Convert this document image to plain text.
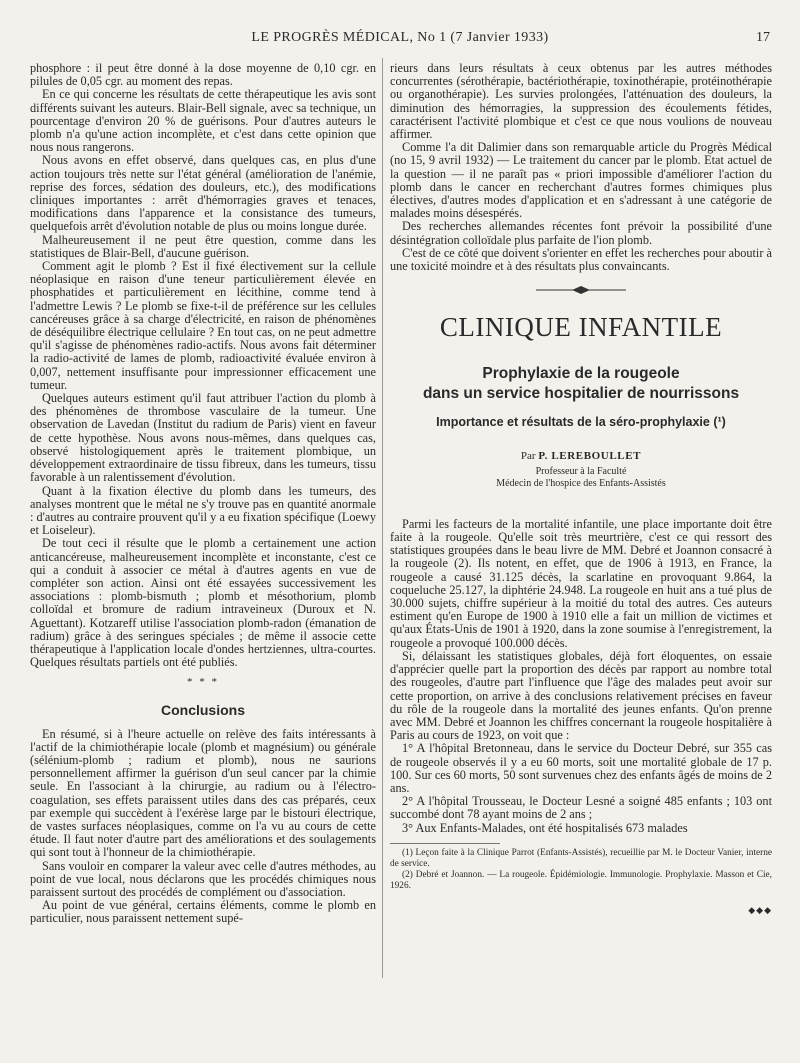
LE PROGRÈS MÉDICAL, No 1 (7 Janvier 1933)	17

phosphore : il peut être donné à la dose moyenne de 0,10 cgr. en pilules de 0,05 cgr. au moment des repas.

En ce qui concerne les résultats de cette thérapeutique les avis sont différents suivant les auteurs. Blair-Bell signale, avec sa technique, un pourcentage d'environ 20 % de guérisons. Pour d'autres auteurs le plomb n'a qu'une action incomplète, et c'est dans cette opinion que nous nous rangerons.

Nous avons en effet observé, dans quelques cas, en plus d'une action toujours très nette sur l'état général (amélioration de l'anémie, reprise des forces, sédation des douleurs, etc.), des modifications cliniques importantes : arrêt d'hémorragies graves et tenaces, modifications dans l'apparence et la consistance des tumeurs, quelquefois arrêt d'évolution notable de plus ou moins longue durée.

Malheureusement il ne peut être question, comme dans les statistiques de Blair-Bell, d'aucune guérison.

Comment agit le plomb ? Est il fixé électivement sur la cellule néoplasique en raison d'une teneur particulièrement élevée en phosphatides et particulièrement en lécithine, comme tend à l'admettre Lewis ? Le plomb se fixe-t-il de préférence sur les cellules cancéreuses grâce à sa charge d'électricité, en raison de phénomènes de déséquilibre électrique cellulaire ? En tout cas, on ne peut admettre qu'il s'agisse de phénomènes radio-actifs. Nous avons fait déterminer la radio-activité de lames de plomb, radioactivité évaluée environ à 0,007, nettement insuffisante pour impressionner efficacement une tumeur.

Quelques auteurs estiment qu'il faut attribuer l'action du plomb à des phénomènes de thrombose vasculaire de la tumeur. Une observation de Lavedan (Institut du radium de Paris) vient en faveur de cette hypothèse. Nous avons nous-mêmes, dans quelques cas, observé histologiquement après le traitement plombique, un développement extraordinaire de tissu fibreux, dans les tumeurs, tissu favorable à un ralentissement d'évolution.

Quant à la fixation élective du plomb dans les tumeurs, des analyses montrent que le métal ne s'y trouve pas en quantité anormale : d'autres au contraire prouvent qu'il y a eu fixation spécifique (Loewy et Loiseleur).

De tout ceci il résulte que le plomb a certainement une action anticancéreuse, malheureusement incomplète et inconstante, c'est ce qui a conduit à associer ce métal à d'autres agents en vue de compléter son action. Ainsi ont été essayées successivement les associations : plomb-bismuth ; plomb et mésothorium, plomb colloïdal et bromure de radium intraveineux (Duroux et N. Aguettant). Kotzareff utilise l'association plomb-radon (émanation de radium) grâce à des seringues spéciales ; de même il associe cette thérapeutique à l'application locale d'ondes hertziennes, ultra-courtes. Quelques résultats partiels ont été publiés.

* * *
Conclusions

En résumé, si à l'heure actuelle on relève des faits intéressants à l'actif de la chimiothérapie locale (plomb et magnésium) ou générale (sélénium-plomb ; radium et plomb), nous ne saurions personnellement affirmer la guérison d'un seul cancer par la chimie seule. En l'associant à la chirurgie, au radium ou à l'électro-coagulation, ses effets paraissent utiles dans des cas préparés, ceux par exemple qui succèdent à l'exérèse large par le bistouri électrique, de vastes surfaces néoplasiques, comme on l'a vu au cours de cette étude. Il faut noter d'autre part des améliorations et des soulagements qui sont tout à l'honneur de la chimiothérapie.

Sans vouloir en comparer la valeur avec celle d'autres méthodes, au point de vue local, nous déclarons que les procédés chimiques nous paraissent surtout des procédés de complément ou d'association.

Au point de vue général, certains éléments, comme le plomb en particulier, nous paraissent nettement supé-

rieurs dans leurs résultats à ceux obtenus par les autres méthodes concurrentes (sérothérapie, bactériothérapie, toxinothérapie, protéinothérapie ou organothérapie). Les survies prolongées, l'atténuation des douleurs, la diminution des hémorragies, la suppression des écoulements fétides, caractérisent l'activité plombique et c'est ce que nous voulions de nouveau affirmer.

Comme l'a dit Dalimier dans son remarquable article du Progrès Médical (no 15, 9 avril 1932) — Le traitement du cancer par le plomb. Etat actuel de la question — il ne paraît pas « priori impossible d'améliorer l'action du plomb dans le cancer en recherchant d'autres formes chimiques plus électives, d'autres modes d'application et en s'adressant à une catégorie de malades moins désespérés.

Des recherches allemandes récentes font prévoir la possibilité d'une désintégration colloïdale plus parfaite de l'ion plomb.

C'est de ce côté que doivent s'orienter en effet les recherches pour aboutir à une toxicité moindre et à des résultats plus convaincants.

CLINIQUE INFANTILE
Prophylaxie de la rougeole
dans un service hospitalier de nourrissons
Importance et résultats de la séro-prophylaxie (¹)
Par P. LEREBOULLET
Professeur à la Faculté
Médecin de l'hospice des Enfants-Assistés

Parmi les facteurs de la mortalité infantile, une place importante doit être faite à la rougeole. Qu'elle soit très meurtrière, c'est ce qui ressort des statistiques groupées dans le beau livre de MM. Debré et Joannon consacré à la rougeole (2). Ils notent, en effet, que de 1906 à 1913, en France, la rougeole a causé 31.125 décès, la scarlatine en provoquant 9.864, la coqueluche 25.127, la diphtérie 24.948. La rougeole en huit ans a tué plus de 30.000 sujets, chiffre supérieur à la moitié du total des autres. Ces auteurs estiment qu'en Europe de 1900 à 1910 elle a fait un million de victimes et qu'aux États-Unis de 1901 à 1920, dans la zone soumise à l'enregistrement, la rougeole a provoqué 100.000 décès.

Si, délaissant les statistiques globales, déjà fort éloquentes, on essaie d'apprécier quelle part la proportion des décès par rapport au nombre total des rougeoles, d'autre part l'influence que l'âge des malades peut avoir sur cette proportion, on arrive à des conclusions relativement précises en faveur du rôle de la rougeole dans la mortalité des jeunes enfants. Qu'on prenne avec MM. Debré et Joannon les chiffres concernant la rougeole hospitalière à Paris au cours de 1923, on voit que :

1° A l'hôpital Bretonneau, dans le service du Docteur Debré, sur 355 cas de rougeole observés il y a eu 60 morts, soit une mortalité globale de 17 p. 100. Sur ces 60 morts, 50 sont survenues chez des enfants âgés de moins de 2 ans.

2° A l'hôpital Trousseau, le Docteur Lesné a soigné 485 enfants ; 103 ont succombé dont 78 ayant moins de 2 ans ;

3° Aux Enfants-Malades, ont été hospitalisés 673 malades

(1) Leçon faite à la Clinique Parrot (Enfants-Assistés), recueillie par M. le Docteur Vanier, interne de service.

(2) Debré et Joannon. — La rougeole. Épidémiologie. Immunologie. Prophylaxie. Masson et Cie, 1926.

◆◆◆
